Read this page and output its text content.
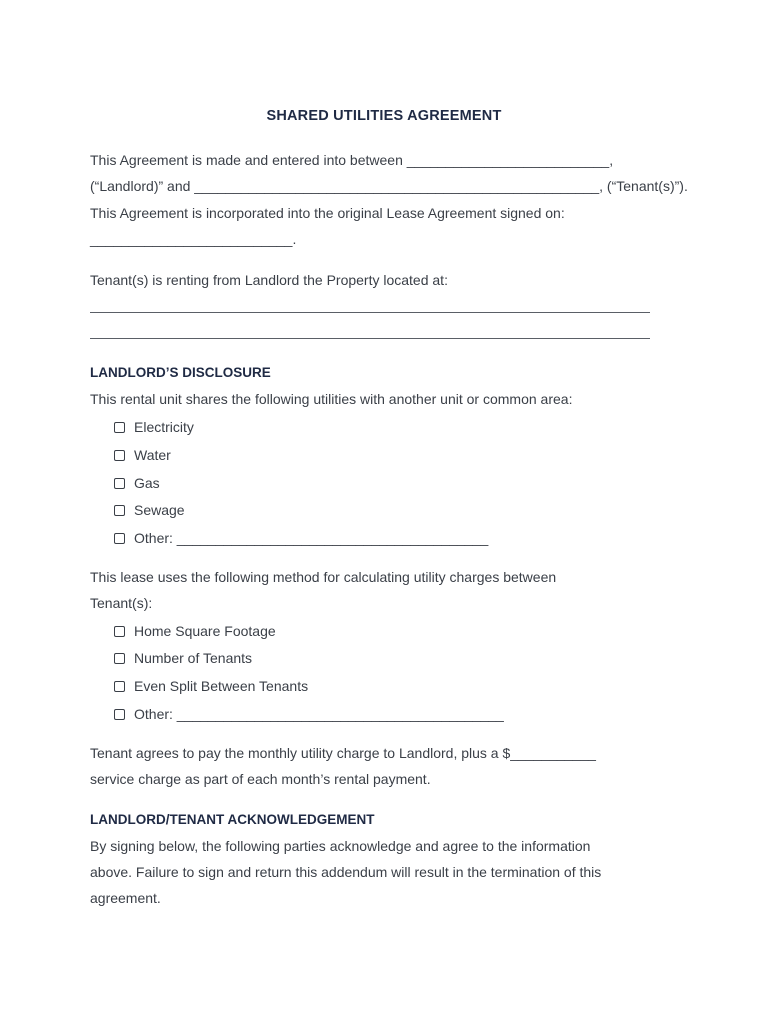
SHARED UTILITIES AGREEMENT
This Agreement is made and entered into between __________________________,
(“Landlord)” and ____________________________________________________, (“Tenant(s)”).
This Agreement is incorporated into the original Lease Agreement signed on:
__________________________.
Tenant(s) is renting from Landlord the Property located at:
LANDLORD’S DISCLOSURE
This rental unit shares the following utilities with another unit or common area:
Electricity
Water
Gas
Sewage
Other: ________________________________________
This lease uses the following method for calculating utility charges between
Tenant(s):
Home Square Footage
Number of Tenants
Even Split Between Tenants
Other: __________________________________________
Tenant agrees to pay the monthly utility charge to Landlord, plus a $___________
service charge as part of each month’s rental payment.
LANDLORD/TENANT ACKNOWLEDGEMENT
By signing below, the following parties acknowledge and agree to the information
above. Failure to sign and return this addendum will result in the termination of this
agreement.
